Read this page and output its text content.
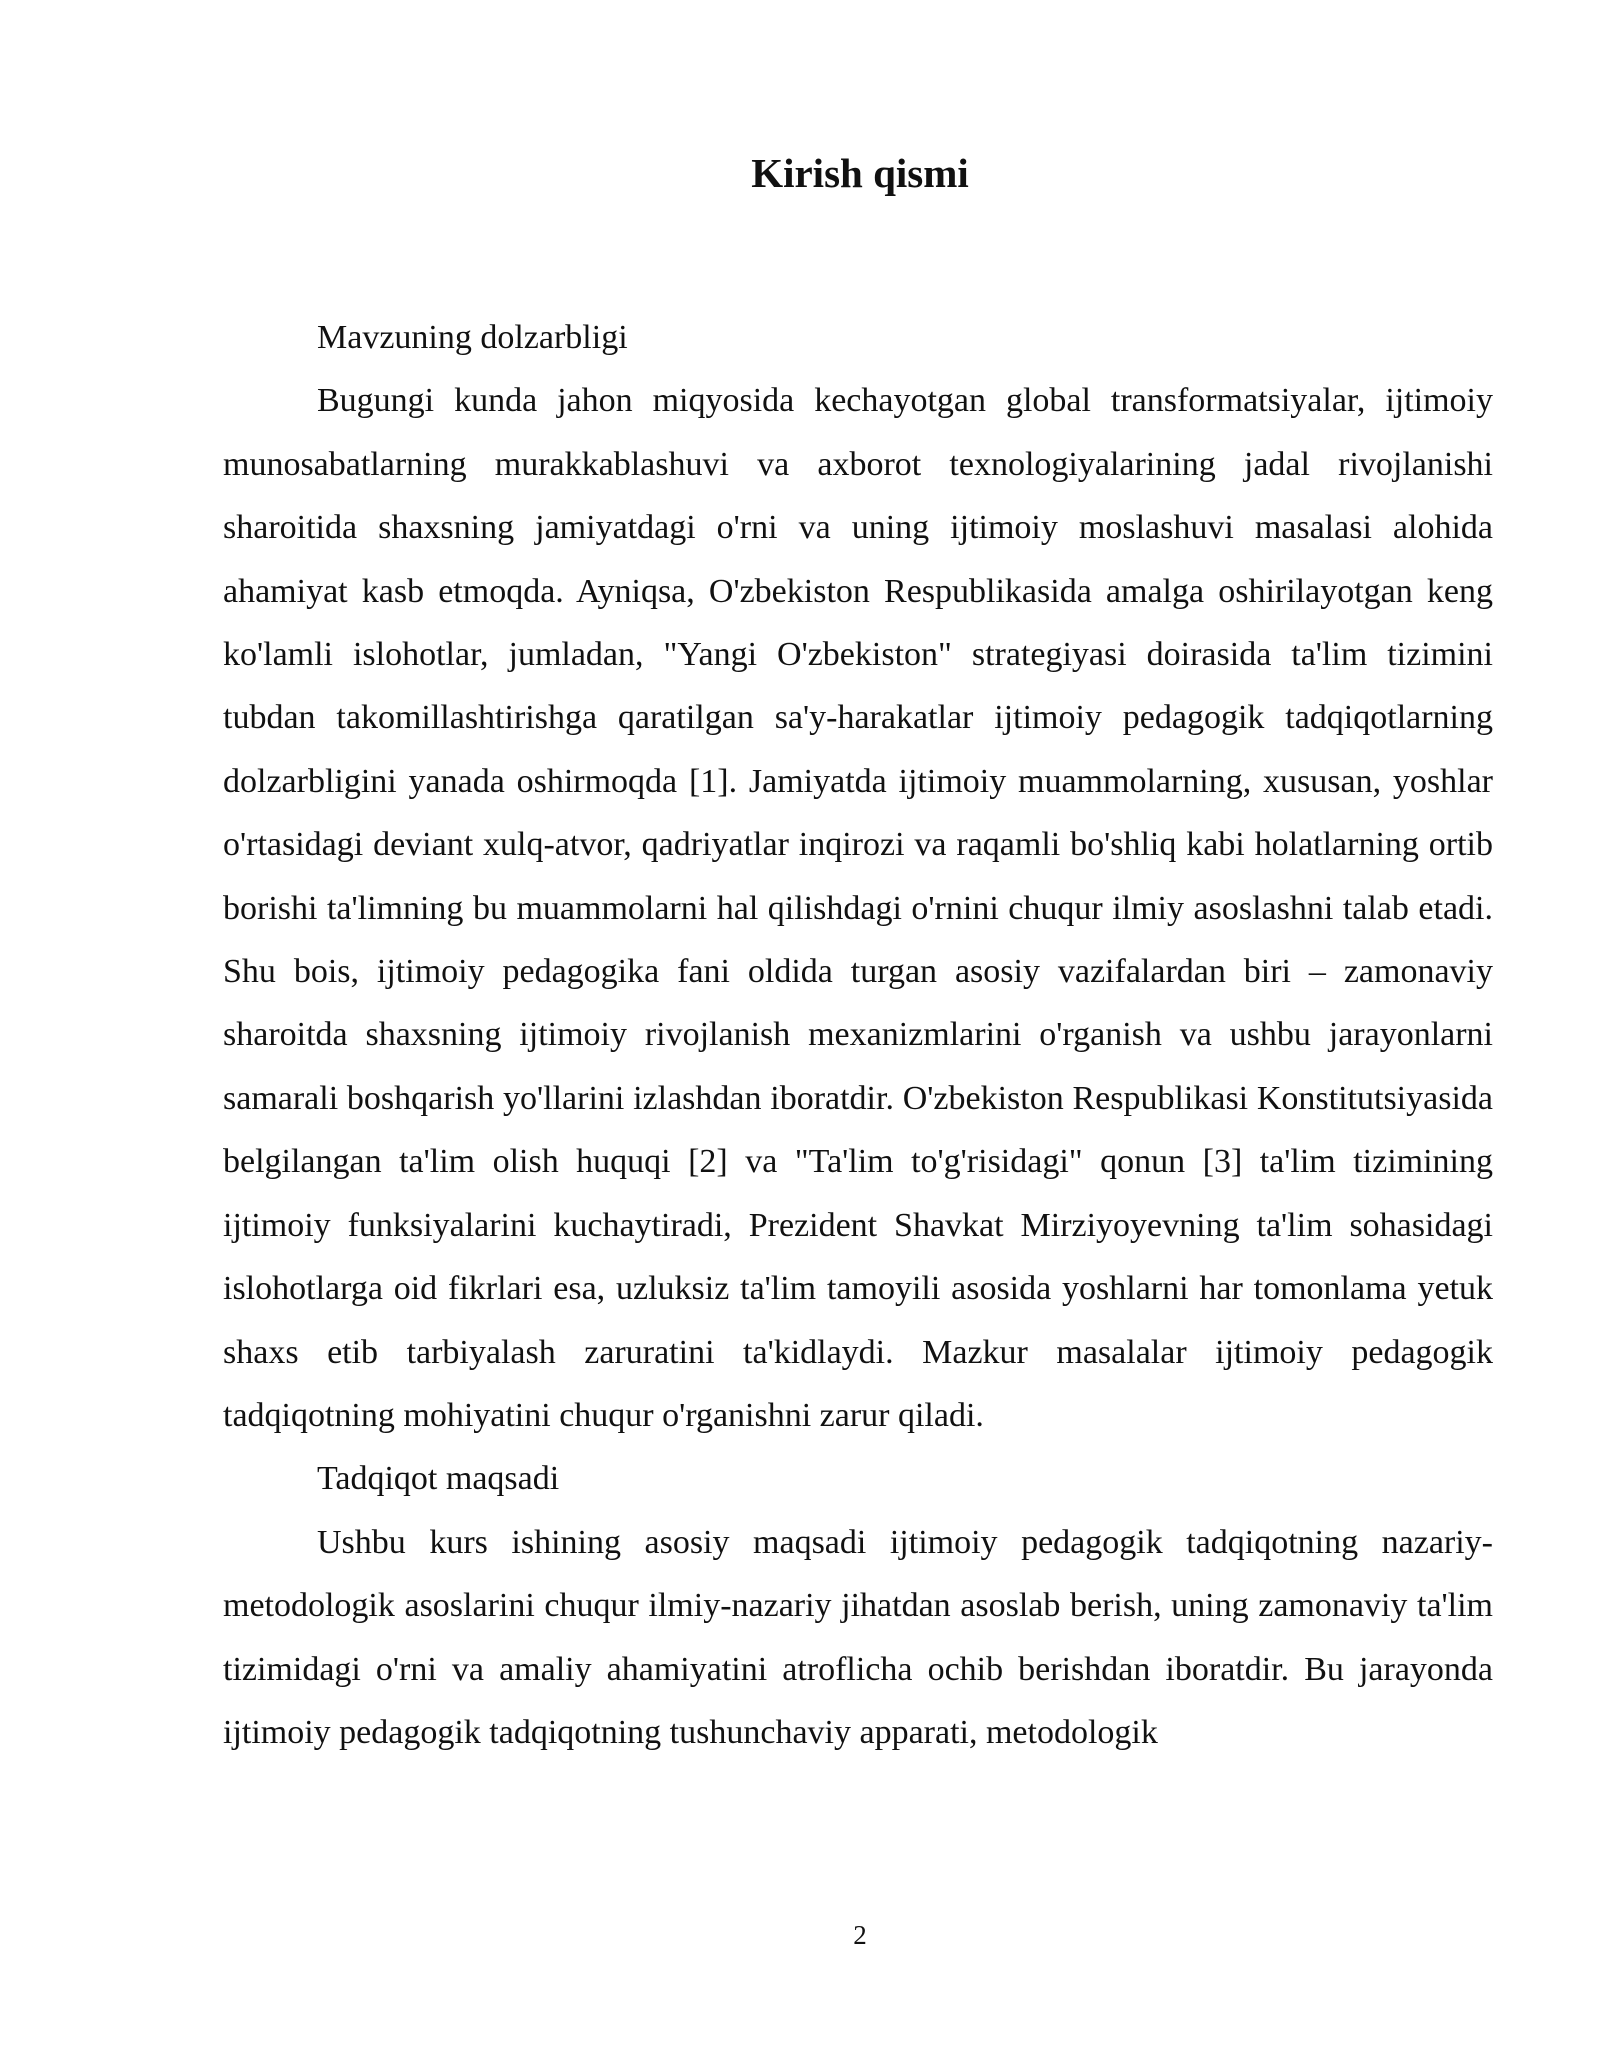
Kirish qismi

Mavzuning dolzarbligi

Bugungi kunda jahon miqyosida kechayotgan global transformatsiyalar, ijtimoiy munosabatlarning murakkablashuvi va axborot texnologiyalarining jadal rivojlanishi sharoitida shaxsning jamiyatdagi o'rni va uning ijtimoiy moslashuvi masalasi alohida ahamiyat kasb etmoqda. Ayniqsa, O'zbekiston Respublikasida amalga oshirilayotgan keng ko'lamli islohotlar, jumladan, "Yangi O'zbekiston" strategiyasi doirasida ta'lim tizimini tubdan takomillashtirishga qaratilgan sa'y-harakatlar ijtimoiy pedagogik tadqiqotlarning dolzarbligini yanada oshirmoqda [1]. Jamiyatda ijtimoiy muammolarning, xususan, yoshlar o'rtasidagi deviant xulq-atvor, qadriyatlar inqirozi va raqamli bo'shliq kabi holatlarning ortib borishi ta'limning bu muammolarni hal qilishdagi o'rnini chuqur ilmiy asoslashni talab etadi. Shu bois, ijtimoiy pedagogika fani oldida turgan asosiy vazifalardan biri – zamonaviy sharoitda shaxsning ijtimoiy rivojlanish mexanizmlarini o'rganish va ushbu jarayonlarni samarali boshqarish yo'llarini izlashdan iboratdir. O'zbekiston Respublikasi Konstitutsiyasida belgilangan ta'lim olish huquqi [2] va "Ta'lim to'g'risidagi" qonun [3] ta'lim tizimining ijtimoiy funksiyalarini kuchaytiradi, Prezident Shavkat Mirziyoyevning ta'lim sohasidagi islohotlarga oid fikrlari esa, uzluksiz ta'lim tamoyili asosida yoshlarni har tomonlama yetuk shaxs etib tarbiyalash zaruratini ta'kidlaydi. Mazkur masalalar ijtimoiy pedagogik tadqiqotning mohiyatini chuqur o'rganishni zarur qiladi.

Tadqiqot maqsadi

Ushbu kurs ishining asosiy maqsadi ijtimoiy pedagogik tadqiqotning nazariy-metodologik asoslarini chuqur ilmiy-nazariy jihatdan asoslab berish, uning zamonaviy ta'lim tizimidagi o'rni va amaliy ahamiyatini atroflicha ochib berishdan iboratdir. Bu jarayonda ijtimoiy pedagogik tadqiqotning tushunchaviy apparati, metodologik

2
